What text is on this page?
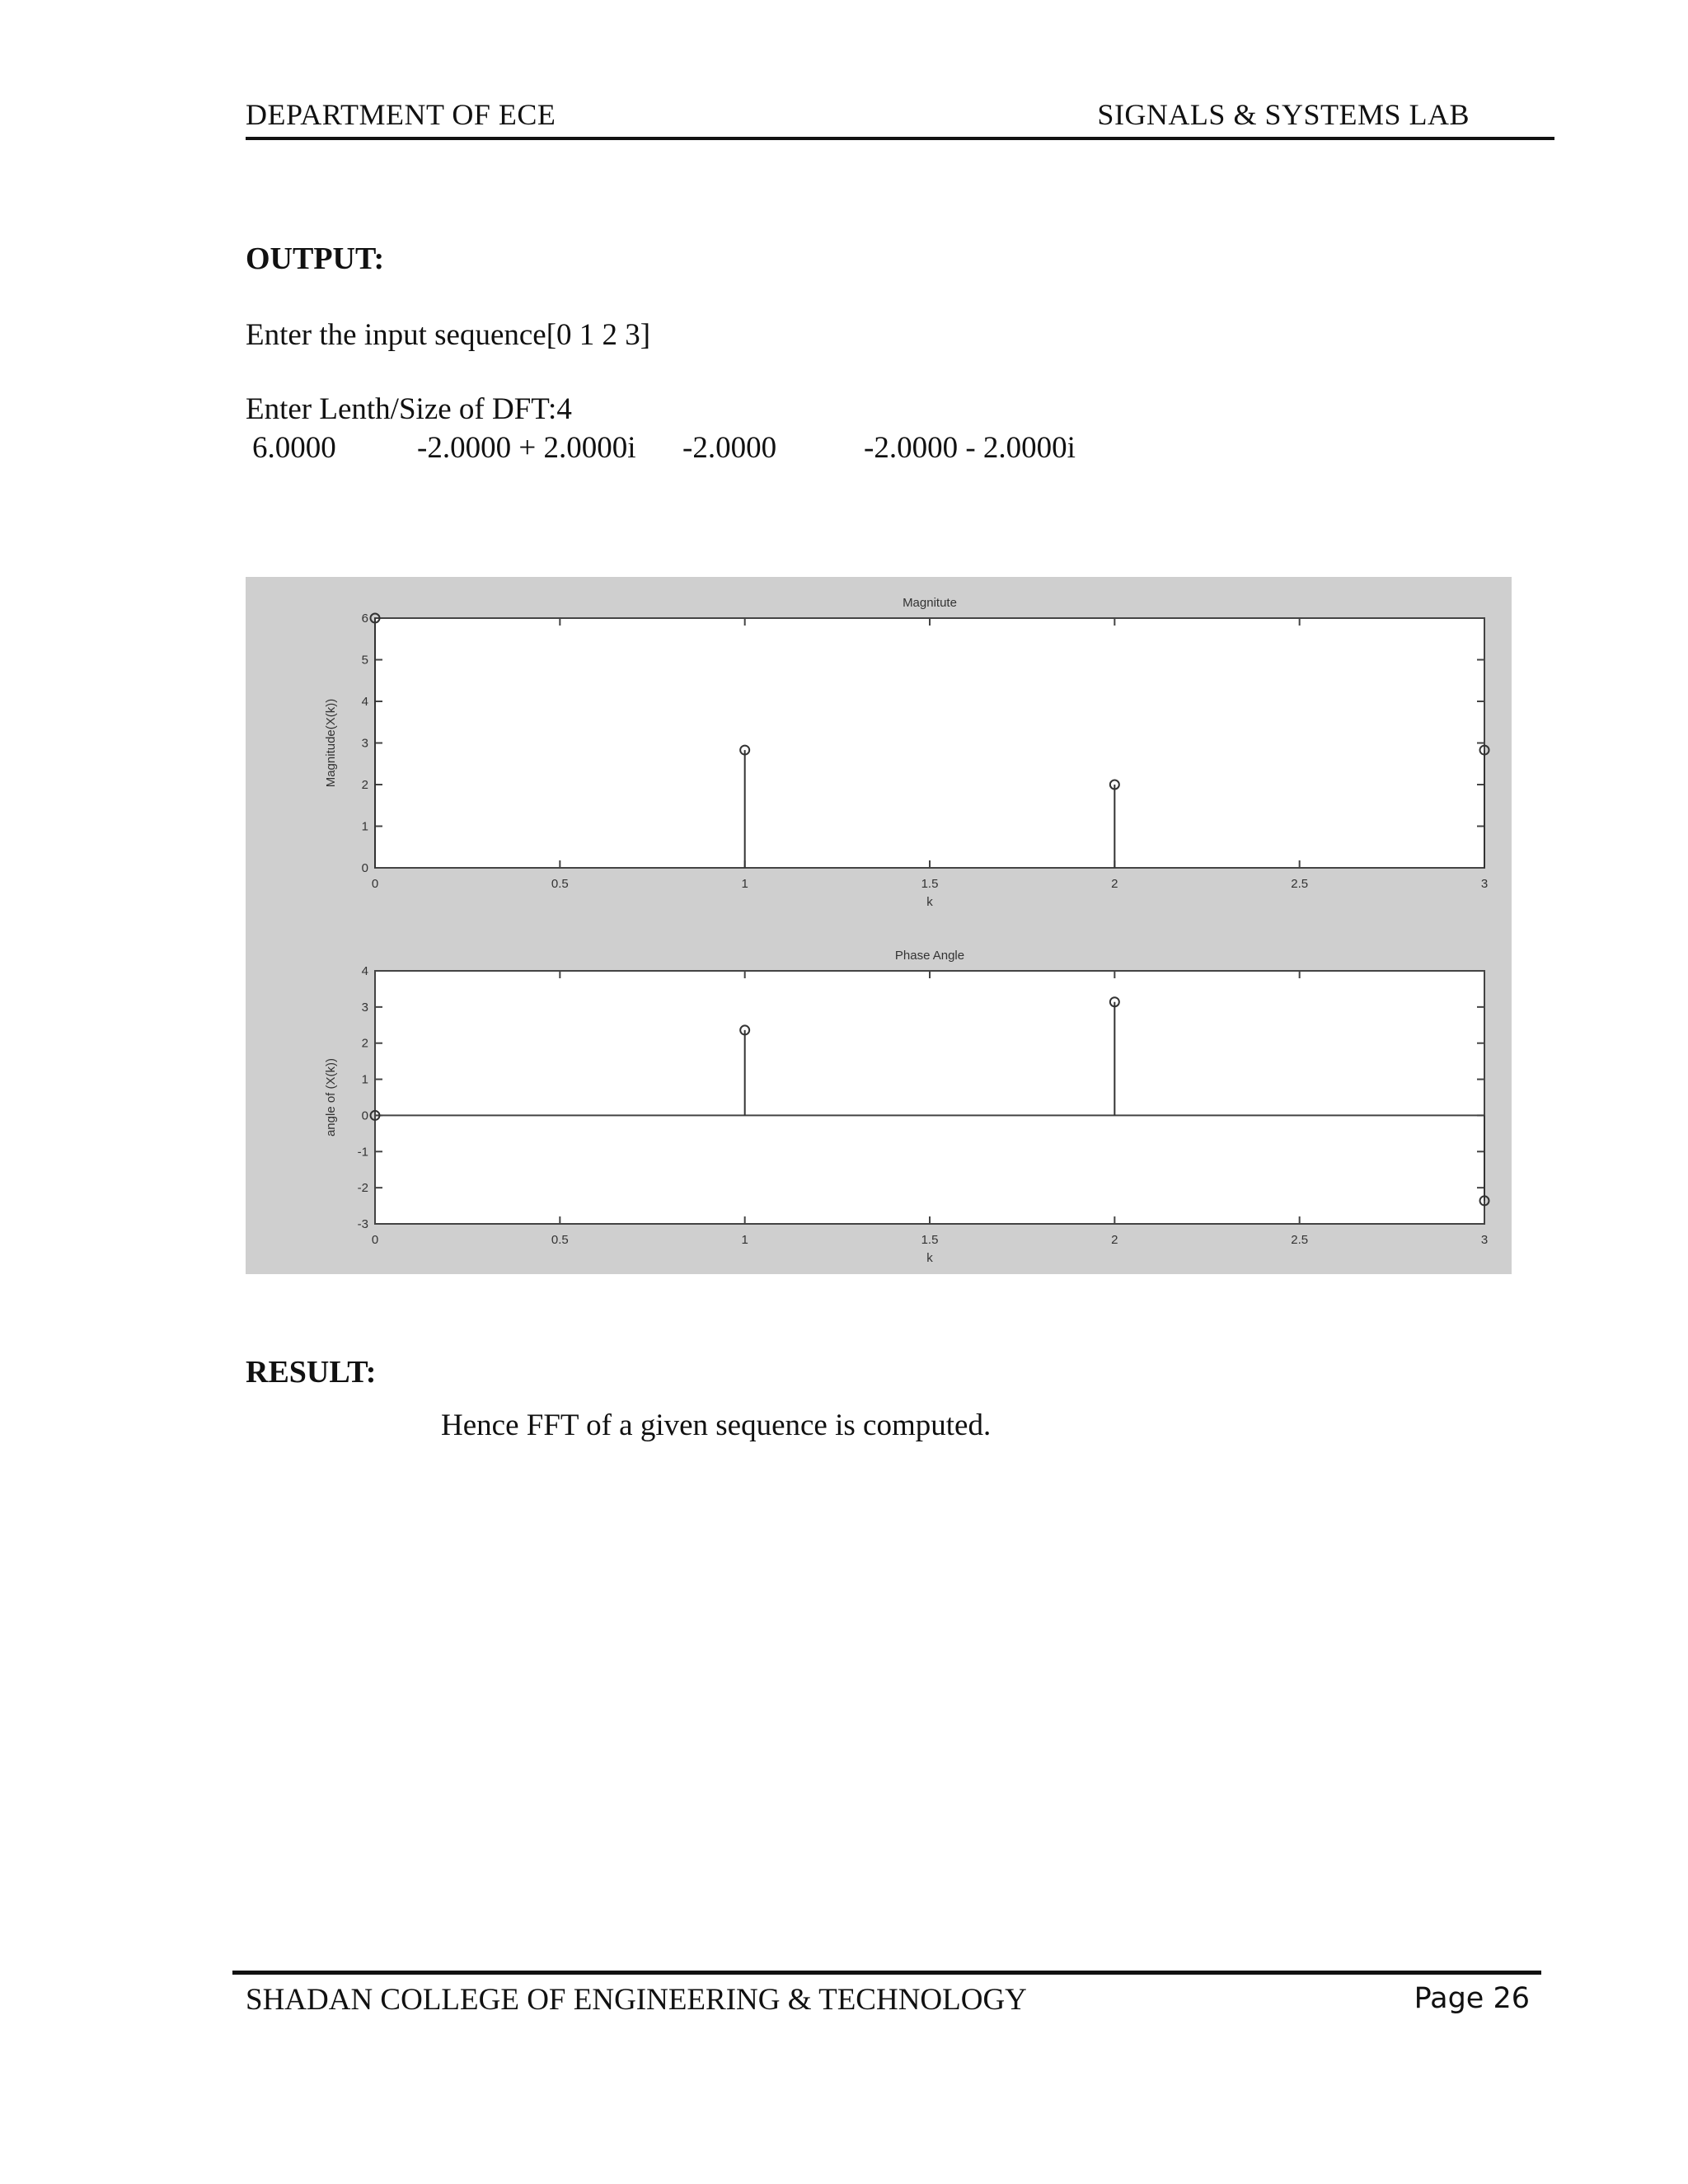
DEPARTMENT OF ECE	SIGNALS & SYSTEMS LAB
OUTPUT:
Enter the input sequence[0 1 2 3]
Enter Lenth/Size of DFT:4
6.0000	-2.0000 + 2.0000i -2.0000	-2.0000 - 2.0000i
Magnitute
k
Magnitude(X(k))
0	0.5	1	1.5	2	2.5	3
0
1
2
3
4
5
6
Phase Angle
k
angle of (X(k))
0	0.5	1	1.5	2	2.5	3
-3
-2
-1
0
1
2
3
4
RESULT:
Hence FFT of a given sequence is computed.
SHADAN COLLEGE OF ENGINEERING & TECHNOLOGY	Page 26
